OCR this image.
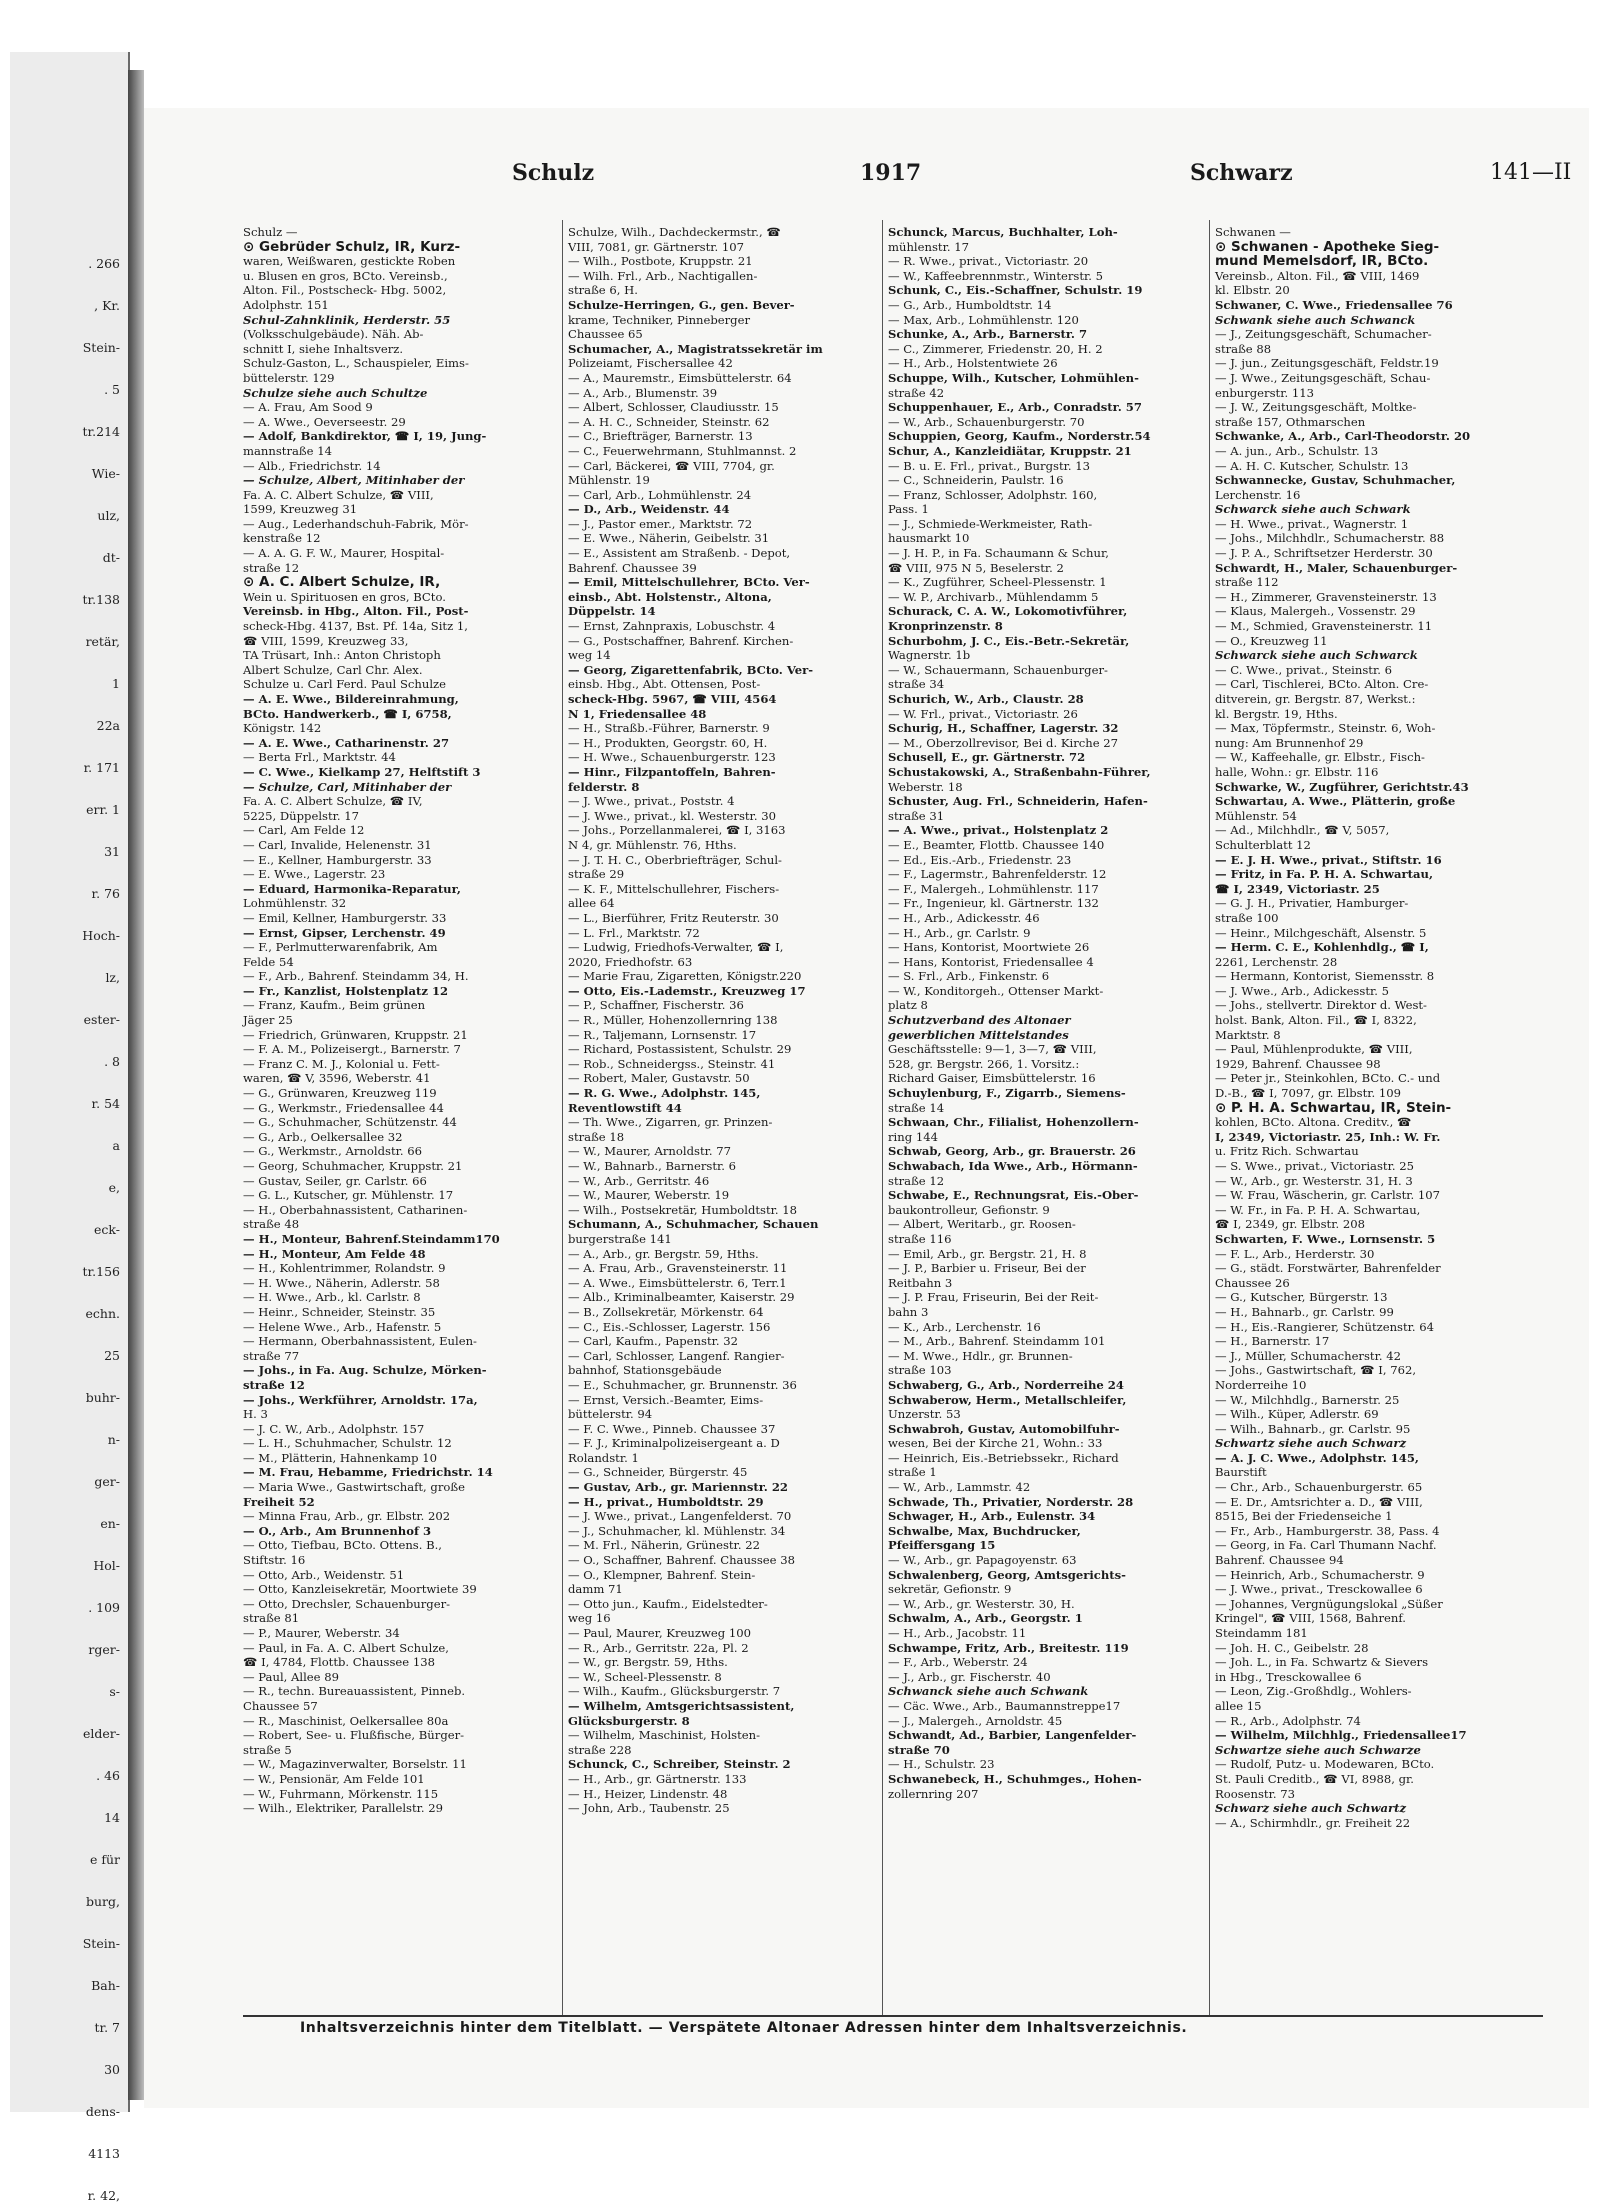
. 266
, Kr.
Stein-
. 5
tr.214
Wie-
ulz,
dt-
tr.138
retär,
1
22a
r. 171
err. 1
31
r. 76
Hoch-
lz,
ester-
. 8
r. 54
a
e,
eck-
tr.156
echn.
25
buhr-
n-
ger-
en-
Hol-
. 109
rger-
s-
elder-
. 46
14
e für
burg,
Stein-
Bah-
tr. 7
30
dens-
4113
r. 42,
Schulz	1917	Schwarz	141—II
Schulz —
⊙ Gebrüder Schulz, IR, Kurz-
waren, Weißwaren, gestickte Roben
u. Blusen en gros, BCto. Vereinsb.,
Alton. Fil., Postscheck- Hbg. 5002,
Adolphstr. 151
Schul-Zahnklinik, Herderstr. 55
(Volksschulgebäude). Näh. Ab-
schnitt I, siehe Inhaltsverz.
Schulz-Gaston, L., Schauspieler, Eims-
büttelerstr. 129
Schulze siehe auch Schultze
— A. Frau, Am Sood 9
— A. Wwe., Oeverseestr. 29
— Adolf, Bankdirektor, ☎ I, 19, Jung-
mannstraße 14
— Alb., Friedrichstr. 14
— Schulze, Albert, Mitinhaber der
Fa. A. C. Albert Schulze, ☎ VIII,
1599, Kreuzweg 31
— Aug., Lederhandschuh-Fabrik, Mör-
kenstraße 12
— A. A. G. F. W., Maurer, Hospital-
straße 12
⊙ A. C. Albert Schulze, IR,
Wein u. Spirituosen en gros, BCto.
Vereinsb. in Hbg., Alton. Fil., Post-
scheck-Hbg. 4137, Bst. Pf. 14a, Sitz 1,
☎ VIII, 1599, Kreuzweg 33,
TA Trüsart, Inh.: Anton Christoph
Albert Schulze, Carl Chr. Alex.
Schulze u. Carl Ferd. Paul Schulze
— A. E. Wwe., Bildereinrahmung,
BCto. Handwerkerb., ☎ I, 6758,
Königstr. 142
— A. E. Wwe., Catharinenstr. 27
— Berta Frl., Marktstr. 44
— C. Wwe., Kielkamp 27, Helftstift 3
— Schulze, Carl, Mitinhaber der
Fa. A. C. Albert Schulze, ☎ IV,
5225, Düppelstr. 17
— Carl, Am Felde 12
— Carl, Invalide, Helenenstr. 31
— E., Kellner, Hamburgerstr. 33
— E. Wwe., Lagerstr. 23
— Eduard, Harmonika-Reparatur,
Lohmühlenstr. 32
— Emil, Kellner, Hamburgerstr. 33
— Ernst, Gipser, Lerchenstr. 49
— F., Perlmutterwarenfabrik, Am
Felde 54
— F., Arb., Bahrenf. Steindamm 34, H.
— Fr., Kanzlist, Holstenplatz 12
— Franz, Kaufm., Beim grünen
Jäger 25
— Friedrich, Grünwaren, Kruppstr. 21
— F. A. M., Polizeisergt., Barnerstr. 7
— Franz C. M. J., Kolonial u. Fett-
waren, ☎ V, 3596, Weberstr. 41
— G., Grünwaren, Kreuzweg 119
— G., Werkmstr., Friedensallee 44
— G., Schuhmacher, Schützenstr. 44
— G., Arb., Oelkersallee 32
— G., Werkmstr., Arnoldstr. 66
— Georg, Schuhmacher, Kruppstr. 21
— Gustav, Seiler, gr. Carlstr. 66
— G. L., Kutscher, gr. Mühlenstr. 17
— H., Oberbahnassistent, Catharinen-
straße 48
— H., Monteur, Bahrenf.Steindamm170
— H., Monteur, Am Felde 48
— H., Kohlentrimmer, Rolandstr. 9
— H. Wwe., Näherin, Adlerstr. 58
— H. Wwe., Arb., kl. Carlstr. 8
— Heinr., Schneider, Steinstr. 35
— Helene Wwe., Arb., Hafenstr. 5
— Hermann, Oberbahnassistent, Eulen-
straße 77
— Johs., in Fa. Aug. Schulze, Mörken-
straße 12
— Johs., Werkführer, Arnoldstr. 17a,
H. 3
— J. C. W., Arb., Adolphstr. 157
— L. H., Schuhmacher, Schulstr. 12
— M., Plätterin, Hahnenkamp 10
— M. Frau, Hebamme, Friedrichstr. 14
— Maria Wwe., Gastwirtschaft, große
Freiheit 52
— Minna Frau, Arb., gr. Elbstr. 202
— O., Arb., Am Brunnenhof 3
— Otto, Tiefbau, BCto. Ottens. B.,
Stiftstr. 16
— Otto, Arb., Weidenstr. 51
— Otto, Kanzleisekretär, Moortwiete 39
— Otto, Drechsler, Schauenburger-
straße 81
— P., Maurer, Weberstr. 34
— Paul, in Fa. A. C. Albert Schulze,
☎ I, 4784, Flottb. Chaussee 138
— Paul, Allee 89
— R., techn. Bureauassistent, Pinneb.
Chaussee 57
— R., Maschinist, Oelkersallee 80a
— Robert, See- u. Flußfische, Bürger-
straße 5
— W., Magazinverwalter, Borselstr. 11
— W., Pensionär, Am Felde 101
— W., Fuhrmann, Mörkenstr. 115
— Wilh., Elektriker, Parallelstr. 29
Schulze, Wilh., Dachdeckermstr., ☎
VIII, 7081, gr. Gärtnerstr. 107
— Wilh., Postbote, Kruppstr. 21
— Wilh. Frl., Arb., Nachtigallen-
straße 6, H.
Schulze-Herringen, G., gen. Bever-
krame, Techniker, Pinneberger
Chaussee 65
Schumacher, A., Magistratssekretär im
Polizeiamt, Fischersallee 42
— A., Mauremstr., Eimsbüttelerstr. 64
— A., Arb., Blumenstr. 39
— Albert, Schlosser, Claudiusstr. 15
— A. H. C., Schneider, Steinstr. 62
— C., Briefträger, Barnerstr. 13
— C., Feuerwehrmann, Stuhlmannst. 2
— Carl, Bäckerei, ☎ VIII, 7704, gr.
Mühlenstr. 19
— Carl, Arb., Lohmühlenstr. 24
— D., Arb., Weidenstr. 44
— J., Pastor emer., Marktstr. 72
— E. Wwe., Näherin, Geibelstr. 31
— E., Assistent am Straßenb. - Depot,
Bahrenf. Chaussee 39
— Emil, Mittelschullehrer, BCto. Ver-
einsb., Abt. Holstenstr., Altona,
Düppelstr. 14
— Ernst, Zahnpraxis, Lobuschstr. 4
— G., Postschaffner, Bahrenf. Kirchen-
weg 14
— Georg, Zigarettenfabrik, BCto. Ver-
einsb. Hbg., Abt. Ottensen, Post-
scheck-Hbg. 5967, ☎ VIII, 4564
N 1, Friedensallee 48
— H., Straßb.-Führer, Barnerstr. 9
— H., Produkten, Georgstr. 60, H.
— H. Wwe., Schauenburgerstr. 123
— Hinr., Filzpantoffeln, Bahren-
felderstr. 8
— J. Wwe., privat., Poststr. 4
— J. Wwe., privat., kl. Westerstr. 30
— Johs., Porzellanmalerei, ☎ I, 3163
N 4, gr. Mühlenstr. 76, Hths.
— J. T. H. C., Oberbriefträger, Schul-
straße 29
— K. F., Mittelschullehrer, Fischers-
allee 64
— L., Bierführer, Fritz Reuterstr. 30
— L. Frl., Marktstr. 72
— Ludwig, Friedhofs-Verwalter, ☎ I,
2020, Friedhofstr. 63
— Marie Frau, Zigaretten, Königstr.220
— Otto, Eis.-Lademstr., Kreuzweg 17
— P., Schaffner, Fischerstr. 36
— R., Müller, Hohenzollernring 138
— R., Taljemann, Lornsenstr. 17
— Richard, Postassistent, Schulstr. 29
— Rob., Schneidergss., Steinstr. 41
— Robert, Maler, Gustavstr. 50
— R. G. Wwe., Adolphstr. 145,
Reventlowstift 44
— Th. Wwe., Zigarren, gr. Prinzen-
straße 18
— W., Maurer, Arnoldstr. 77
— W., Bahnarb., Barnerstr. 6
— W., Arb., Gerritstr. 46
— W., Maurer, Weberstr. 19
— Wilh., Postsekretär, Humboldtstr. 18
Schumann, A., Schuhmacher, Schauen
burgerstraße 141
— A., Arb., gr. Bergstr. 59, Hths.
— A. Frau, Arb., Gravensteinerstr. 11
— A. Wwe., Eimsbüttelerstr. 6, Terr.1
— Alb., Kriminalbeamter, Kaiserstr. 29
— B., Zollsekretär, Mörkenstr. 64
— C., Eis.-Schlosser, Lagerstr. 156
— Carl, Kaufm., Papenstr. 32
— Carl, Schlosser, Langenf. Rangier-
bahnhof, Stationsgebäude
— E., Schuhmacher, gr. Brunnenstr. 36
— Ernst, Versich.-Beamter, Eims-
büttelerstr. 94
— F. C. Wwe., Pinneb. Chaussee 37
— F. J., Kriminalpolizeisergeant a. D
Rolandstr. 1
— G., Schneider, Bürgerstr. 45
— Gustav, Arb., gr. Mariennstr. 22
— H., privat., Humboldtstr. 29
— J. Wwe., privat., Langenfelderst. 70
— J., Schuhmacher, kl. Mühlenstr. 34
— M. Frl., Näherin, Grünestr. 22
— O., Schaffner, Bahrenf. Chaussee 38
— O., Klempner, Bahrenf. Stein-
damm 71
— Otto jun., Kaufm., Eidelstedter-
weg 16
— Paul, Maurer, Kreuzweg 100
— R., Arb., Gerritstr. 22a, Pl. 2
— W., gr. Bergstr. 59, Hths.
— W., Scheel-Plessenstr. 8
— Wilh., Kaufm., Glücksburgerstr. 7
— Wilhelm, Amtsgerichtsassistent,
Glücksburgerstr. 8
— Wilhelm, Maschinist, Holsten-
straße 228
Schunck, C., Schreiber, Steinstr. 2
— H., Arb., gr. Gärtnerstr. 133
— H., Heizer, Lindenstr. 48
— John, Arb., Taubenstr. 25
Schunck, Marcus, Buchhalter, Loh-
mühlenstr. 17
— R. Wwe., privat., Victoriastr. 20
— W., Kaffeebrennmstr., Winterstr. 5
Schunk, C., Eis.-Schaffner, Schulstr. 19
— G., Arb., Humboldtstr. 14
— Max, Arb., Lohmühlenstr. 120
Schunke, A., Arb., Barnerstr. 7
— C., Zimmerer, Friedenstr. 20, H. 2
— H., Arb., Holstentwiete 26
Schuppe, Wilh., Kutscher, Lohmühlen-
straße 42
Schuppenhauer, E., Arb., Conradstr. 57
— W., Arb., Schauenburgerstr. 70
Schuppien, Georg, Kaufm., Norderstr.54
Schur, A., Kanzleidiätar, Kruppstr. 21
— B. u. E. Frl., privat., Burgstr. 13
— C., Schneiderin, Paulstr. 16
— Franz, Schlosser, Adolphstr. 160,
Pass. 1
— J., Schmiede-Werkmeister, Rath-
hausmarkt 10
— J. H. P., in Fa. Schaumann & Schur,
☎ VIII, 975 N 5, Beselerstr. 2
— K., Zugführer, Scheel-Plessenstr. 1
— W. P., Archivarb., Mühlendamm 5
Schurack, C. A. W., Lokomotivführer,
Kronprinzenstr. 8
Schurbohm, J. C., Eis.-Betr.-Sekretär,
Wagnerstr. 1b
— W., Schauermann, Schauenburger-
straße 34
Schurich, W., Arb., Claustr. 28
— W. Frl., privat., Victoriastr. 26
Schurig, H., Schaffner, Lagerstr. 32
— M., Oberzollrevisor, Bei d. Kirche 27
Schusell, E., gr. Gärtnerstr. 72
Schustakowski, A., Straßenbahn-Führer,
Weberstr. 18
Schuster, Aug. Frl., Schneiderin, Hafen-
straße 31
— A. Wwe., privat., Holstenplatz 2
— E., Beamter, Flottb. Chaussee 140
— Ed., Eis.-Arb., Friedenstr. 23
— F., Lagermstr., Bahrenfelderstr. 12
— F., Malergeh., Lohmühlenstr. 117
— Fr., Ingenieur, kl. Gärtnerstr. 132
— H., Arb., Adickesstr. 46
— H., Arb., gr. Carlstr. 9
— Hans, Kontorist, Moortwiete 26
— Hans, Kontorist, Friedensallee 4
— S. Frl., Arb., Finkenstr. 6
— W., Konditorgeh., Ottenser Markt-
platz 8
Schutzverband des Altonaer
gewerblichen Mittelstandes
Geschäftsstelle: 9—1, 3—7, ☎ VIII,
528, gr. Bergstr. 266, 1. Vorsitz.:
Richard Gaiser, Eimsbüttelerstr. 16
Schuylenburg, F., Zigarrb., Siemens-
straße 14
Schwaan, Chr., Filialist, Hohenzollern-
ring 144
Schwab, Georg, Arb., gr. Brauerstr. 26
Schwabach, Ida Wwe., Arb., Hörmann-
straße 12
Schwabe, E., Rechnungsrat, Eis.-Ober-
baukontrolleur, Gefionstr. 9
— Albert, Weritarb., gr. Roosen-
straße 116
— Emil, Arb., gr. Bergstr. 21, H. 8
— J. P., Barbier u. Friseur, Bei der
Reitbahn 3
— J. P. Frau, Friseurin, Bei der Reit-
bahn 3
— K., Arb., Lerchenstr. 16
— M., Arb., Bahrenf. Steindamm 101
— M. Wwe., Hdlr., gr. Brunnen-
straße 103
Schwaberg, G., Arb., Norderreihe 24
Schwaberow, Herm., Metallschleifer,
Unzerstr. 53
Schwabroh, Gustav, Automobilfuhr-
wesen, Bei der Kirche 21, Wohn.: 33
— Heinrich, Eis.-Betriebssekr., Richard
straße 1
— W., Arb., Lammstr. 42
Schwade, Th., Privatier, Norderstr. 28
Schwager, H., Arb., Eulenstr. 34
Schwalbe, Max, Buchdrucker,
Pfeiffersgang 15
— W., Arb., gr. Papagoyenstr. 63
Schwalenberg, Georg, Amtsgerichts-
sekretär, Gefionstr. 9
— W., Arb., gr. Westerstr. 30, H.
Schwalm, A., Arb., Georgstr. 1
— H., Arb., Jacobstr. 11
Schwampe, Fritz, Arb., Breitestr. 119
— F., Arb., Weberstr. 24
— J., Arb., gr. Fischerstr. 40
Schwanck siehe auch Schwank
— Cäc. Wwe., Arb., Baumannstreppe17
— J., Malergeh., Arnoldstr. 45
Schwandt, Ad., Barbier, Langenfelder-
straße 70
— H., Schulstr. 23
Schwanebeck, H., Schuhmges., Hohen-
zollernring 207
Schwanen —
⊙ Schwanen - Apotheke Sieg-
mund Memelsdorf, IR, BCto.
Vereinsb., Alton. Fil., ☎ VIII, 1469
kl. Elbstr. 20
Schwaner, C. Wwe., Friedensallee 76
Schwank siehe auch Schwanck
— J., Zeitungsgeschäft, Schumacher-
straße 88
— J. jun., Zeitungsgeschäft, Feldstr.19
— J. Wwe., Zeitungsgeschäft, Schau-
enburgerstr. 113
— J. W., Zeitungsgeschäft, Moltke-
straße 157, Othmarschen
Schwanke, A., Arb., Carl-Theodorstr. 20
— A. jun., Arb., Schulstr. 13
— A. H. C. Kutscher, Schulstr. 13
Schwannecke, Gustav, Schuhmacher,
Lerchenstr. 16
Schwarck siehe auch Schwark
— H. Wwe., privat., Wagnerstr. 1
— Johs., Milchhdlr., Schumacherstr. 88
— J. P. A., Schriftsetzer Herderstr. 30
Schwardt, H., Maler, Schauenburger-
straße 112
— H., Zimmerer, Gravensteinerstr. 13
— Klaus, Malergeh., Vossenstr. 29
— M., Schmied, Gravensteinerstr. 11
— O., Kreuzweg 11
Schwarck siehe auch Schwarck
— C. Wwe., privat., Steinstr. 6
— Carl, Tischlerei, BCto. Alton. Cre-
ditverein, gr. Bergstr. 87, Werkst.:
kl. Bergstr. 19, Hths.
— Max, Töpfermstr., Steinstr. 6, Woh-
nung: Am Brunnenhof 29
— W., Kaffeehalle, gr. Elbstr., Fisch-
halle, Wohn.: gr. Elbstr. 116
Schwarke, W., Zugführer, Gerichtstr.43
Schwartau, A. Wwe., Plätterin, große
Mühlenstr. 54
— Ad., Milchhdlr., ☎ V, 5057,
Schulterblatt 12
— E. J. H. Wwe., privat., Stiftstr. 16
— Fritz, in Fa. P. H. A. Schwartau,
☎ I, 2349, Victoriastr. 25
— G. J. H., Privatier, Hamburger-
straße 100
— Heinr., Milchgeschäft, Alsenstr. 5
— Herm. C. E., Kohlenhdlg., ☎ I,
2261, Lerchenstr. 28
— Hermann, Kontorist, Siemensstr. 8
— J. Wwe., Arb., Adickesstr. 5
— Johs., stellvertr. Direktor d. West-
holst. Bank, Alton. Fil., ☎ I, 8322,
Marktstr. 8
— Paul, Mühlenprodukte, ☎ VIII,
1929, Bahrenf. Chaussee 98
— Peter jr., Steinkohlen, BCto. C.- und
D.-B., ☎ I, 7097, gr. Elbstr. 109
⊙ P. H. A. Schwartau, IR, Stein-
kohlen, BCto. Altona. Creditv., ☎
I, 2349, Victoriastr. 25, Inh.: W. Fr.
u. Fritz Rich. Schwartau
— S. Wwe., privat., Victoriastr. 25
— W., Arb., gr. Westerstr. 31, H. 3
— W. Frau, Wäscherin, gr. Carlstr. 107
— W. Fr., in Fa. P. H. A. Schwartau,
☎ I, 2349, gr. Elbstr. 208
Schwarten, F. Wwe., Lornsenstr. 5
— F. L., Arb., Herderstr. 30
— G., städt. Forstwärter, Bahrenfelder
Chaussee 26
— G., Kutscher, Bürgerstr. 13
— H., Bahnarb., gr. Carlstr. 99
— H., Eis.-Rangierer, Schützenstr. 64
— H., Barnerstr. 17
— J., Müller, Schumacherstr. 42
— Johs., Gastwirtschaft, ☎ I, 762,
Norderreihe 10
— W., Milchhdlg., Barnerstr. 25
— Wilh., Küper, Adlerstr. 69
— Wilh., Bahnarb., gr. Carlstr. 95
Schwartz siehe auch Schwarz
— A. J. C. Wwe., Adolphstr. 145,
Baurstift
— Chr., Arb., Schauenburgerstr. 65
— E. Dr., Amtsrichter a. D., ☎ VIII,
8515, Bei der Friedenseiche 1
— Fr., Arb., Hamburgerstr. 38, Pass. 4
— Georg, in Fa. Carl Thumann Nachf.
Bahrenf. Chaussee 94
— Heinrich, Arb., Schumacherstr. 9
— J. Wwe., privat., Tresckowallee 6
— Johannes, Vergnügungslokal „Süßer
Kringel", ☎ VIII, 1568, Bahrenf.
Steindamm 181
— Joh. H. C., Geibelstr. 28
— Joh. L., in Fa. Schwartz & Sievers
in Hbg., Tresckowallee 6
— Leon, Zig.-Großhdlg., Wohlers-
allee 15
— R., Arb., Adolphstr. 74
— Wilhelm, Milchhlg., Friedensallee17
Schwartze siehe auch Schwarze
— Rudolf, Putz- u. Modewaren, BCto.
St. Pauli Creditb., ☎ VI, 8988, gr.
Roosenstr. 73
Schwarz siehe auch Schwartz
— A., Schirmhdlr., gr. Freiheit 22
Inhaltsverzeichnis hinter dem Titelblatt. — Verspätete Altonaer Adressen hinter dem Inhaltsverzeichnis.
